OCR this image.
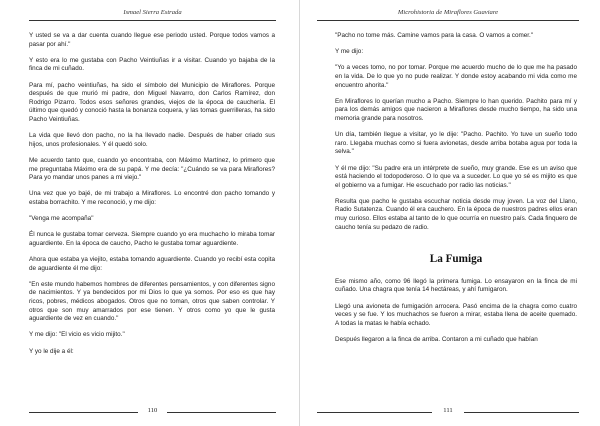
Ismael Sierra Estrada

Y usted se va a dar cuenta cuando llegue ese periodo usted. Porque todos vamos a pasar por ahí."

Y esto era lo me gustaba con Pacho Veintiuñas ir a visitar. Cuando yo bajaba de la finca de mi cuñado.

Para mí, pacho veintiuñas, ha sido el símbolo del Municipio de Miraflores. Porque después de que murió mi padre, don Miguel Navarro, don Carlos Ramírez, don Rodrigo Pizarro. Todos esos señores grandes, viejos de la época de cauchería. El último que quedó y conoció hasta la bonanza coquera, y las tomas guerrilleras, ha sido Pacho Veintiuñas.

La vida que llevó don pacho, no la ha llevado nadie. Después de haber criado sus hijos, unos profesionales. Y él quedó solo.

Me acuerdo tanto que, cuando yo encontraba, con Máximo Martínez, lo primero que me preguntaba Máximo era de su papá. Y me decía: "¿Cuándo se va para Miraflores? Para yo mandar unos panes a mi viejo."

Una vez que yo bajé, de mi trabajo a Miraflores. Lo encontré don pacho tomando y estaba borrachito. Y me reconoció, y me dijo:

"Venga me acompaña"

Él nunca le gustaba tomar cerveza. Siempre cuando yo era muchacho lo miraba tomar aguardiente. En la época de caucho, Pacho le gustaba tomar aguardiente.

Ahora que estaba ya viejito, estaba tomando aguardiente. Cuando yo recibí esta copita de aguardiente él me dijo:

"En este mundo habemos hombres de diferentes pensamientos, y con diferentes signo de nacimientos. Y ya bendecidos por mi Dios lo que ya somos. Por eso es que hay ricos, pobres, médicos abogados. Otros que no toman, otros que saben controlar. Y otros que son muy amarrados por ese tienen. Y otros como yo que le gusta aguardiente de vez en cuando."

Y me dijo: "El vicio es vicio mijito."

Y yo le dije a él:

110
Microhistoria de Miraflores Guaviare

"Pacho no tome más. Camine vamos para la casa. O vamos a comer."

Y me dijo:

"Yo a veces tomo, no por tomar. Porque me acuerdo mucho de lo que me ha pasado en la vida. De lo que yo no pude realizar. Y donde estoy acabando mi vida como me encuentro ahorita."

En Miraflores lo querían mucho a Pacho. Siempre lo han querido. Pachito para mí y para los demás amigos que nacieron a Miraflores desde mucho tiempo, ha sido una memoria grande para nosotros.

Un día, también llegue a visitar, yo le dije: "Pacho. Pachito. Yo tuve un sueño todo raro. Llegaba muchas como si fuera avionetas, desde arriba botaba agua por toda la selva."

Y él me dijo: "Su padre era un intérprete de sueño, muy grande. Ese es un aviso que está haciendo el todopoderoso. O lo que va a suceder. Lo que yo sé es mijito es que el gobierno va a fumigar. He escuchado por radio las noticias."

Resulta que pacho le gustaba escuchar noticia desde muy joven. La voz del Llano, Radio Sutatenza. Cuando él era cauchero. En la época de nuestros padres ellos eran muy curioso. Ellos estaba al tanto de lo que ocurría en nuestro país. Cada finquero de caucho tenía su pedazo de radio.

La Fumiga

Ese mismo año, como 96 llegó la primera fumiga. Lo ensayaron en la finca de mi cuñado. Una chagra que tenía 14 hectáreas, y ahí fumigaron.

Llegó una avioneta de fumigación arrocera. Pasó encima de la chagra como cuatro veces y se fue. Y los muchachos se fueron a mirar, estaba llena de aceite quemado. A todas la matas le había echado.

Después llegaron a la finca de arriba. Contaron a mi cuñado que habían

111
